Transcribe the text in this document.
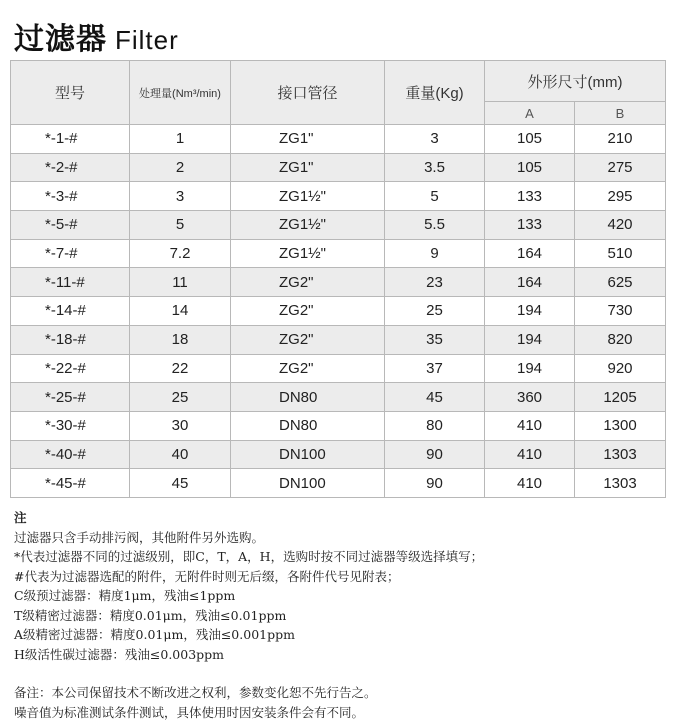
过滤器 Filter
型号	处理量(Nm³/min)	接口管径	重量(Kg)	外形尺寸(mm)	
				A	B
*-1-#	1	ZG1"	3	105	210
*-2-#	2	ZG1"	3.5	105	275
*-3-#	3	ZG1½"	5	133	295
*-5-#	5	ZG1½"	5.5	133	420
*-7-#	7.2	ZG1½"	9	164	510
*-11-#	11	ZG2"	23	164	625
*-14-#	14	ZG2"	25	194	730
*-18-#	18	ZG2"	35	194	820
*-22-#	22	ZG2"	37	194	920
*-25-#	25	DN80	45	360	1205
*-30-#	30	DN80	80	410	1300
*-40-#	40	DN100	90	410	1303
*-45-#	45	DN100	90	410	1303
注
过滤器只含手动排污阀，其他附件另外选购。
*代表过滤器不同的过滤级别，即C，T，A，H，选购时按不同过滤器等级选择填写；
#代表为过滤器选配的附件，无附件时则无后缀，各附件代号见附表；
C级预过滤器：精度1μm，残油≤1ppm
T级精密过滤器：精度0.01μm，残油≤0.01ppm
A级精密过滤器：精度0.01μm，残油≤0.001ppm
H级活性碳过滤器：残油≤0.003ppm
备注：本公司保留技术不断改进之权利，参数变化恕不先行告之。
噪音值为标准测试条件测试，具体使用时因安装条件会有不同。
